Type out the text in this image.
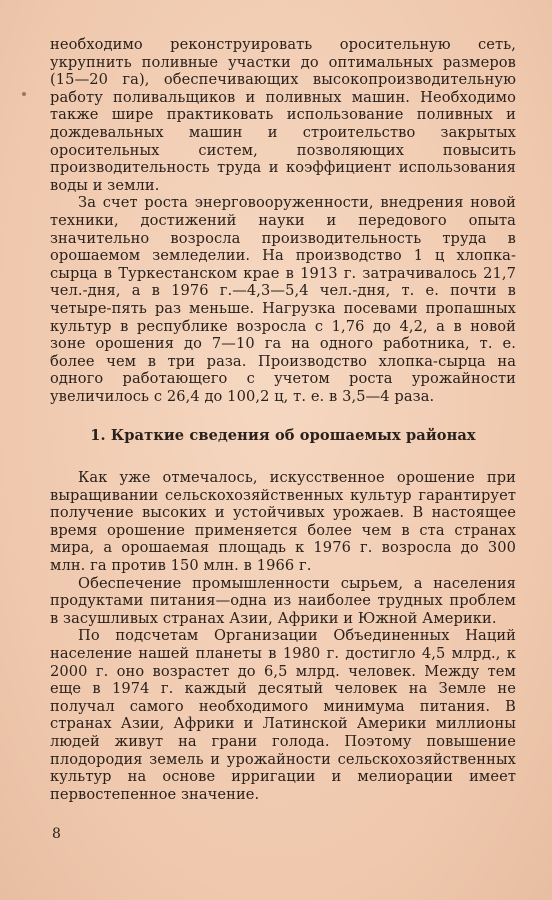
необходимо реконструировать оросительную сеть, укрупнить поливные участки до оптимальных размеров (15—20 га), обеспечивающих высокопроизводительную работу поливальщиков и поливных машин. Необходимо также шире практиковать использование поливных и дождевальных машин и строительство закрытых оросительных систем, позволяющих повысить производительность труда и коэффициент использования воды и земли.

За счет роста энерговооруженности, внедрения новой техники, достижений науки и передового опыта значительно возросла производительность труда в орошаемом земледелии. На производство 1 ц хлопка-сырца в Туркестанском крае в 1913 г. затрачивалось 21,7 чел.-дня, а в 1976 г.—4,3—5,4 чел.-дня, т. е. почти в четыре-пять раз меньше. Нагрузка посевами пропашных культур в республике возросла с 1,76 до 4,2, а в новой зоне орошения до 7—10 га на одного работника, т. е. более чем в три раза. Производство хлопка-сырца на одного работающего с учетом роста урожайности увеличилось с 26,4 до 100,2 ц, т. е. в 3,5—4 раза.

1. Краткие сведения об орошаемых районах

Как уже отмечалось, искусственное орошение при выращивании сельскохозяйственных культур гарантирует получение высоких и устойчивых урожаев. В настоящее время орошение применяется более чем в ста странах мира, а орошаемая площадь к 1976 г. возросла до 300 млн. га против 150 млн. в 1966 г.

Обеспечение промышленности сырьем, а населения продуктами питания—одна из наиболее трудных проблем в засушливых странах Азии, Африки и Южной Америки.

По подсчетам Организации Объединенных Наций население нашей планеты в 1980 г. достигло 4,5 млрд., к 2000 г. оно возрастет до 6,5 млрд. человек. Между тем еще в 1974 г. каждый десятый человек на Земле не получал самого необходимого минимума питания. В странах Азии, Африки и Латинской Америки миллионы людей живут на грани голода. Поэтому повышение плодородия земель и урожайности сельскохозяйственных культур на основе ирригации и мелиорации имеет первостепенное значение.

8
